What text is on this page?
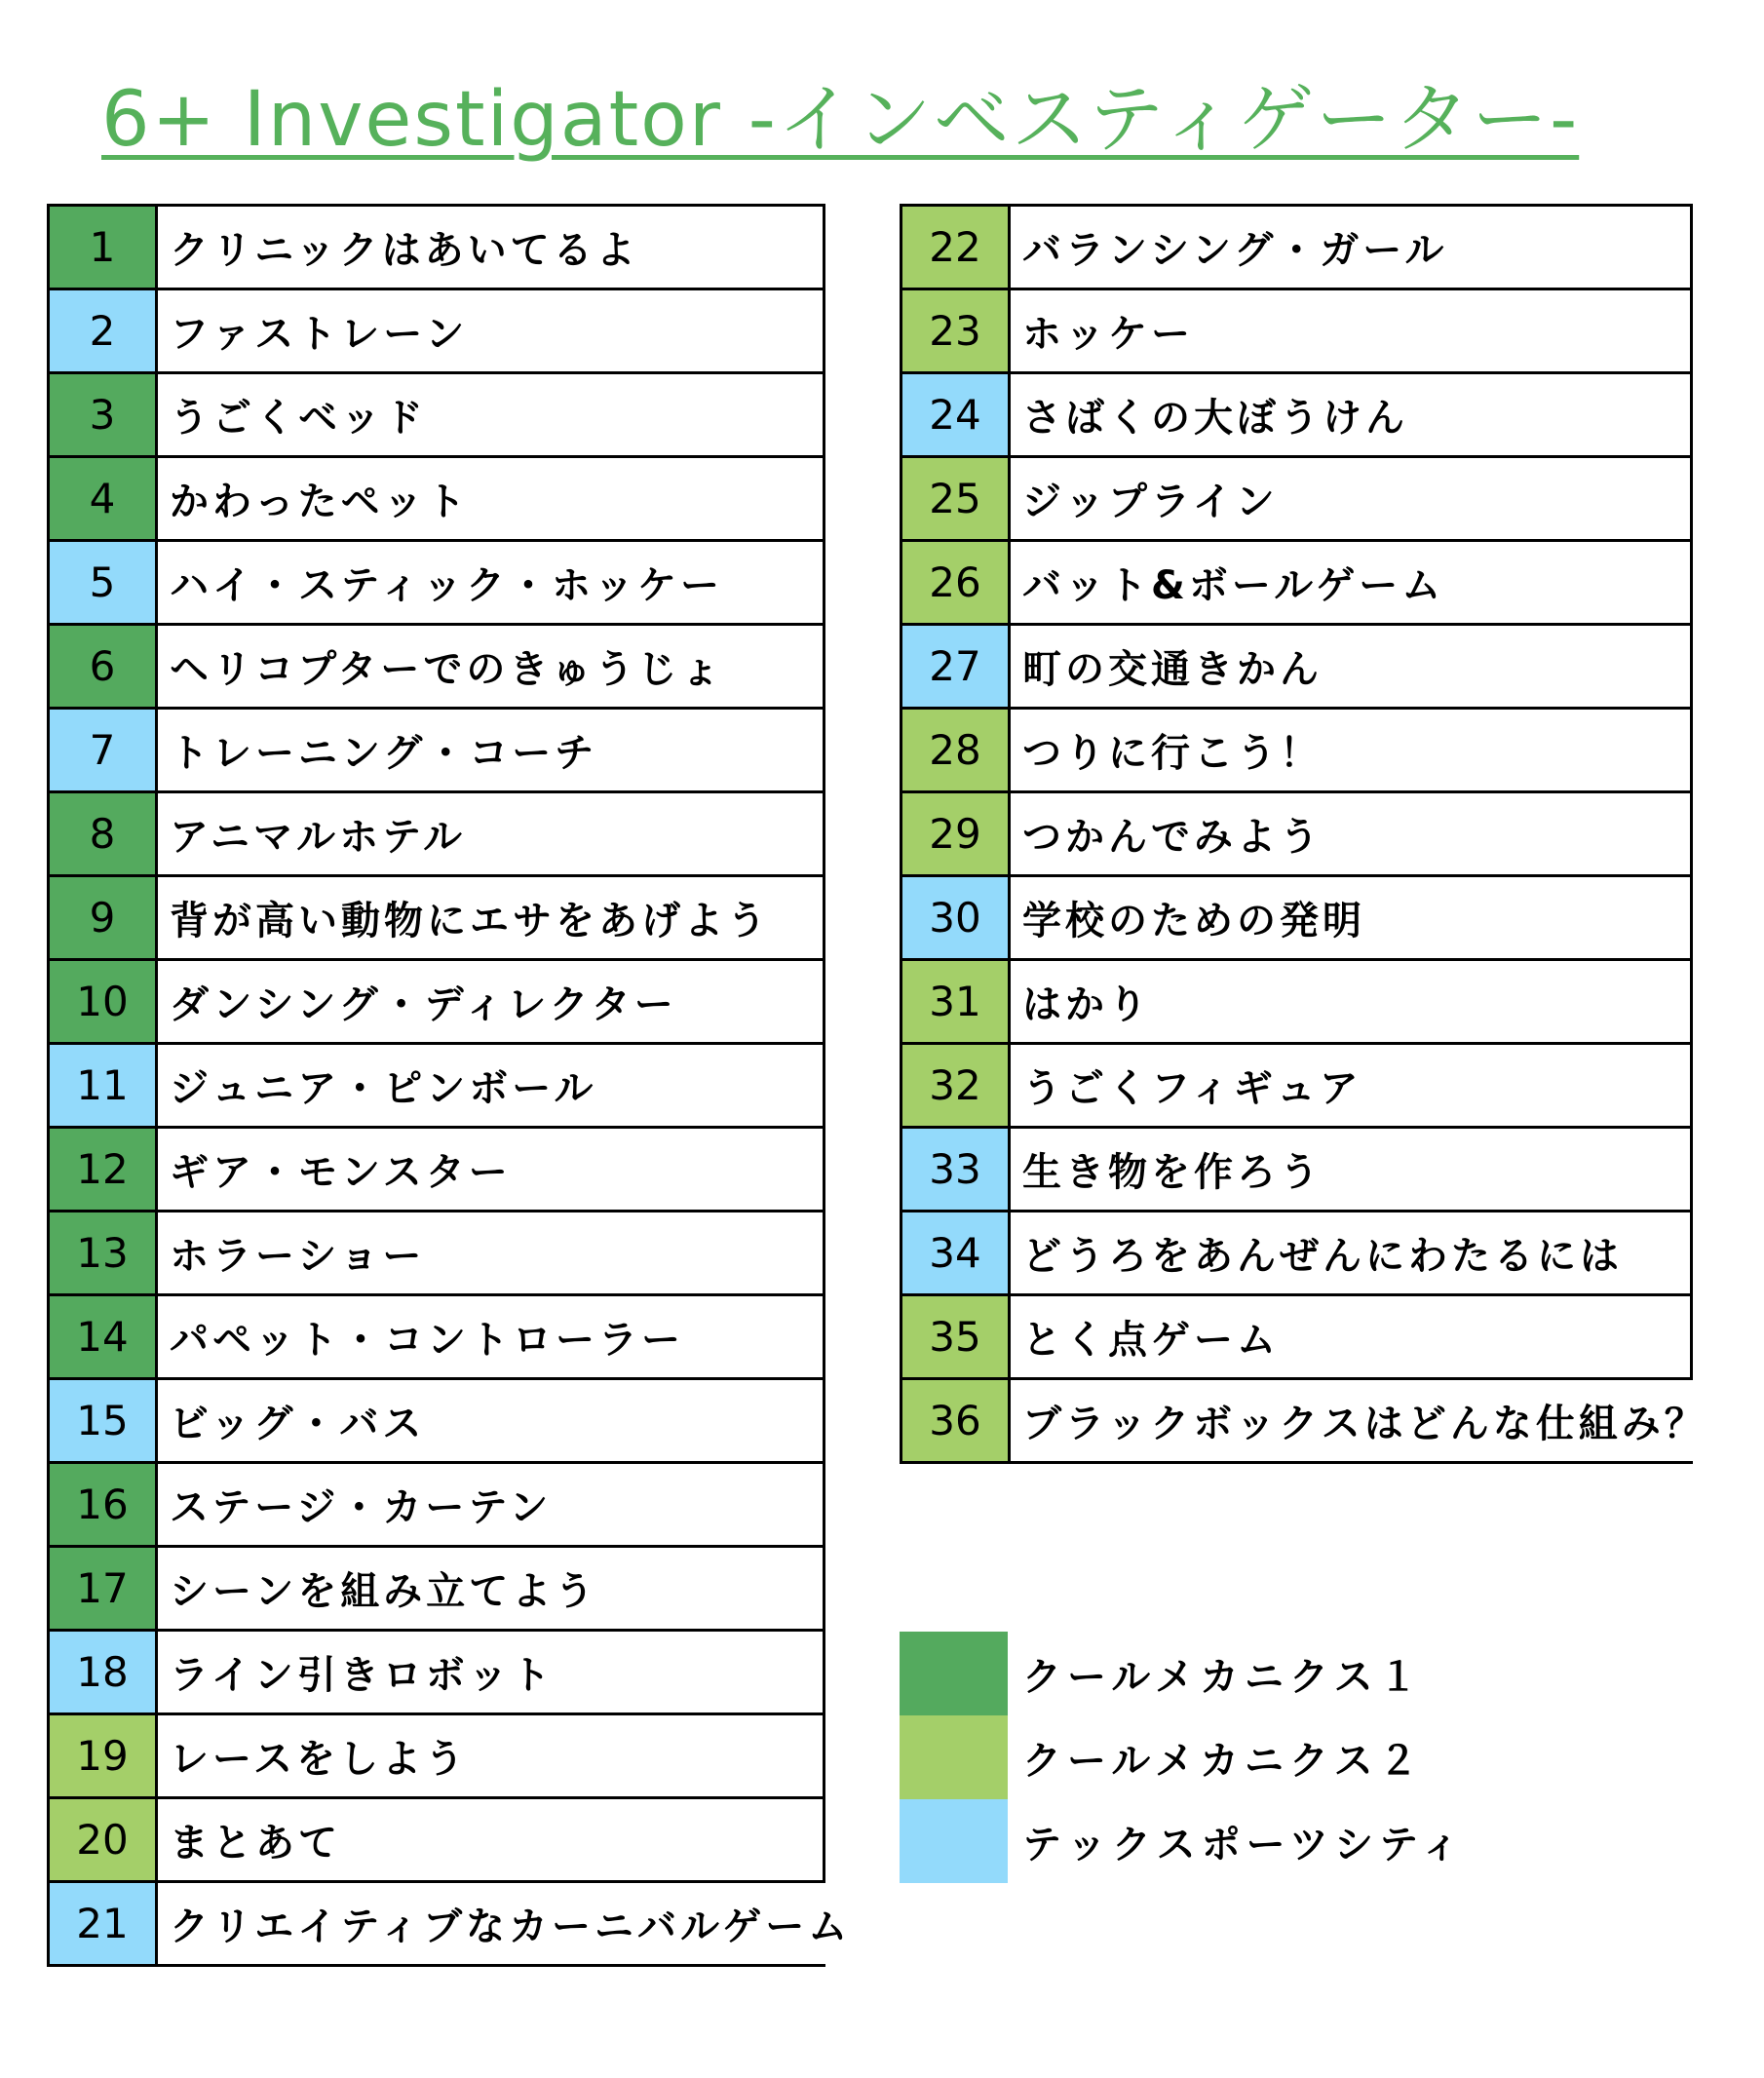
6+ Investigator -インベスティゲーター-
1	クリニックはあいてるよ
2	ファストレーン
3	うごくベッド
4	かわったペット
5	ハイ・スティック・ホッケー
6	ヘリコプターでのきゅうじょ
7	トレーニング・コーチ
8	アニマルホテル
9	背が高い動物にエサをあげよう
10	ダンシング・ディレクター
11	ジュニア・ピンボール
12	ギア・モンスター
13	ホラーショー
14	パペット・コントローラー
15	ビッグ・バス
16	ステージ・カーテン
17	シーンを組み立てよう
18	ライン引きロボット
19	レースをしよう
20	まとあて
21	クリエイティブなカーニバルゲーム
22	バランシング・ガール
23	ホッケー
24	さばくの大ぼうけん
25	ジップライン
26	バット&ボールゲーム
27	町の交通きかん
28	つりに行こう！
29	つかんでみよう
30	学校のための発明
31	はかり
32	うごくフィギュア
33	生き物を作ろう
34	どうろをあんぜんにわたるには
35	とく点ゲーム
36	ブラックボックスはどんな仕組み？
クールメカニクス１
クールメカニクス２
テックスポーツシティ
